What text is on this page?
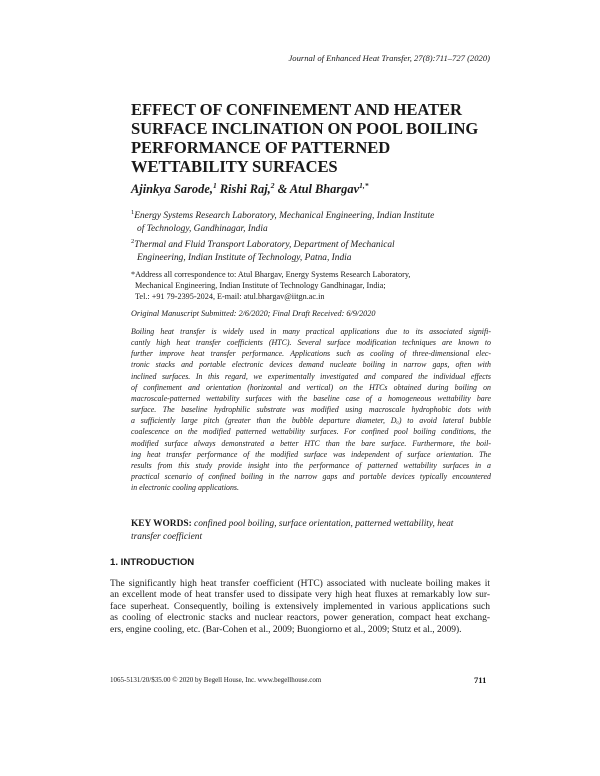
Journal of Enhanced Heat Transfer, 27(8):711–727 (2020)
EFFECT OF CONFINEMENT AND HEATER
SURFACE INCLINATION ON POOL BOILING
PERFORMANCE OF PATTERNED
WETTABILITY SURFACES
Ajinkya Sarode,$^1$ Rishi Raj,$^2$ & Atul Bhargav$^{1,*}$
$^1$Energy Systems Research Laboratory, Mechanical Engineering, Indian Institute
of Technology, Gandhinagar, India
$^2$Thermal and Fluid Transport Laboratory, Department of Mechanical
Engineering, Indian Institute of Technology, Patna, India
*Address all correspondence to: Atul Bhargav, Energy Systems Research Laboratory,
Mechanical Engineering, Indian Institute of Technology Gandhinagar, India;
Tel.: +91 79-2395-2024, E-mail: atul.bhargav@iitgn.ac.in
Original Manuscript Submitted: 2/6/2020; Final Draft Received: 6/9/2020
Boiling heat transfer is widely used in many practical applications due to its associated signifi-
cantly high heat transfer coefficients (HTC). Several surface modification techniques are known to
further improve heat transfer performance. Applications such as cooling of three-dimensional elec-
tronic stacks and portable electronic devices demand nucleate boiling in narrow gaps, often with
inclined surfaces. In this regard, we experimentally investigated and compared the individual effects
of confinement and orientation (horizontal and vertical) on the HTCs obtained during boiling on
macroscale-patterned wettability surfaces with the baseline case of a homogeneous wettability bare
surface. The baseline hydrophilic substrate was modified using macroscale hydrophobic dots with
a sufficiently large pitch (greater than the bubble departure diameter, Dₐ) to avoid lateral bubble
coalescence on the modified patterned wettability surfaces. For confined pool boiling conditions, the
modified surface always demonstrated a better HTC than the bare surface. Furthermore, the boil-
ing heat transfer performance of the modified surface was independent of surface orientation. The
results from this study provide insight into the performance of patterned wettability surfaces in a
practical scenario of confined boiling in the narrow gaps and portable devices typically encountered
in electronic cooling applications.
KEY WORDS: confined pool boiling, surface orientation, patterned wettability, heat
transfer coefficient
1. INTRODUCTION
The significantly high heat transfer coefficient (HTC) associated with nucleate boiling makes it
an excellent mode of heat transfer used to dissipate very high heat fluxes at remarkably low sur-
face superheat. Consequently, boiling is extensively implemented in various applications such
as cooling of electronic stacks and nuclear reactors, power generation, compact heat exchang-
ers, engine cooling, etc. (Bar-Cohen et al., 2009; Buongiorno et al., 2009; Stutz et al., 2009).
1065-5131/20/$35.00 © 2020 by Begell House, Inc. www.begellhouse.com	711
